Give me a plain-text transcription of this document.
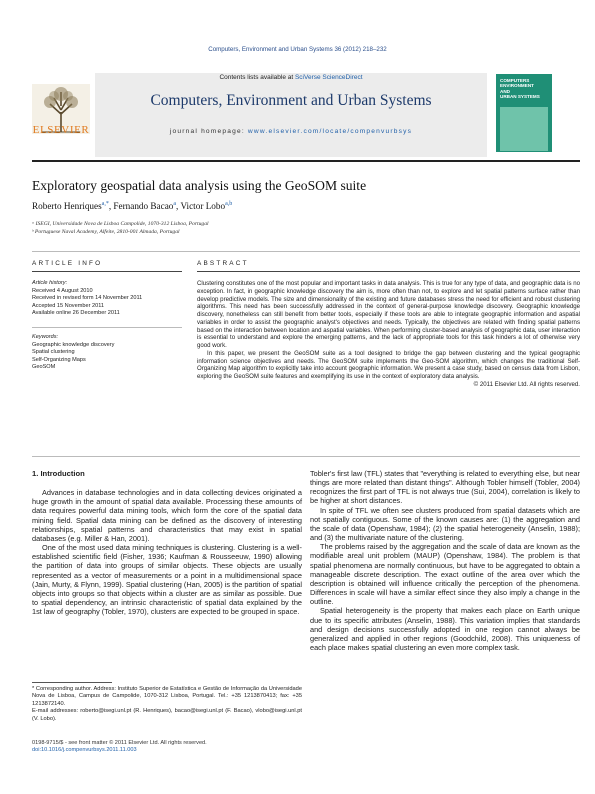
Computers, Environment and Urban Systems 36 (2012) 218–232
Contents lists available at SciVerse ScienceDirect
Computers, Environment and Urban Systems
journal homepage: www.elsevier.com/locate/compenvurbsys
ELSEVIER
COMPUTERS
ENVIRONMENT
AND
URBAN SYSTEMS
Exploratory geospatial data analysis using the GeoSOM suite
Roberto Henriques$^{a,*}$, Fernando Bacao$^a$, Victor Lobo$^{a,b}$
ᵃ ISEGI, Universidade Nova de Lisboa Campolide, 1070-312 Lisboa, Portugal
ᵇ Portuguese Naval Academy, Alfeite, 2810-001 Almada, Portugal
ARTICLE INFO	ABSTRACT
Article history:
Received 4 August 2010
Received in revised form 14 November 2011
Accepted 15 November 2011
Available online 26 December 2011
Keywords:
Geographic knowledge discovery
Spatial clustering
Self-Organizing Maps
GeoSOM

Clustering constitutes one of the most popular and important tasks in data analysis. This is true for any type of data, and geographic data is no exception. In fact, in geographic knowledge discovery the aim is, more often than not, to explore and let spatial patterns surface rather than develop predictive models. The size and dimensionality of the existing and future databases stress the need for efficient and robust clustering algorithms. This need has been successfully addressed in the context of general-purpose knowledge discovery. Geographic knowledge discovery, nonetheless can still benefit from better tools, especially if these tools are able to integrate geographic information and aspatial variables in order to assist the geographic analyst's objectives and needs. Typically, the objectives are related with finding spatial patterns based on the interaction between location and aspatial variables. When performing cluster-based analysis of geographic data, user interaction is essential to understand and explore the emerging patterns, and the lack of appropriate tools for this task hinders a lot of otherwise very good work.

In this paper, we present the GeoSOM suite as a tool designed to bridge the gap between clustering and the typical geographic information science objectives and needs. The GeoSOM suite implements the Geo-SOM algorithm, which changes the traditional Self-Organizing Map algorithm to explicitly take into account geographic information. We present a case study, based on census data from Lisbon, exploring the GeoSOM suite features and exemplifying its use in the context of exploratory data analysis.

© 2011 Elsevier Ltd. All rights reserved.

1. Introduction

Advances in database technologies and in data collecting devices originated a huge growth in the amount of spatial data available. Processing these amounts of data requires powerful data mining tools, which form the core of the spatial data mining field. Spatial data mining can be defined as the discovery of interesting relationships, spatial patterns and characteristics that may exist in spatial databases (e.g. Miller & Han, 2001).

One of the most used data mining techniques is clustering. Clustering is a well-established scientific field (Fisher, 1936; Kaufman & Rousseeuw, 1990) allowing the partition of data into groups of similar objects. These objects are usually represented as a vector of measurements or a point in a multidimensional space (Jain, Murty, & Flynn, 1999). Spatial clustering (Han, 2005) is the partition of spatial objects into groups so that objects within a cluster are as similar as possible. Due to spatial dependency, an intrinsic characteristic of spatial data explained by the 1st law of geography (Tobler, 1970), clusters are expected to be grouped in space.

Tobler's first law (TFL) states that "everything is related to everything else, but near things are more related than distant things". Although Tobler himself (Tobler, 2004) recognizes the first part of TFL is not always true (Sui, 2004), correlation is likely to be higher at short distances.

In spite of TFL we often see clusters produced from spatial datasets which are not spatially contiguous. Some of the known causes are: (1) the aggregation and the scale of data (Openshaw, 1984); (2) the spatial heterogeneity (Anselin, 1988); and (3) the multivariate nature of the clustering.

The problems raised by the aggregation and the scale of data are known as the modifiable areal unit problem (MAUP) (Openshaw, 1984). The problem is that spatial phenomena are normally continuous, but have to be aggregated to obtain a manageable discrete description. The exact outline of the area over which the description is obtained will influence critically the perception of the phenomena. Differences in scale will have a similar effect since they also imply a change in the outline.

Spatial heterogeneity is the property that makes each place on Earth unique due to its specific attributes (Anselin, 1988). This variation implies that standards and design decisions successfully adopted in one region cannot always be generalized and applied in other regions (Goodchild, 2008). This uniqueness of each place makes spatial clustering an even more complex task.

* Corresponding author. Address: Instituto Superior de Estatística e Gestão de Informação da Universidade Nova de Lisboa, Campus de Campolide, 1070-312 Lisboa, Portugal. Tel.: +35 1213870413; fax: +35 1213872140.
E-mail addresses: roberto@isegi.unl.pt (R. Henriques), bacao@isegi.unl.pt (F. Bacao), vlobo@isegi.unl.pt (V. Lobo).
0198-9715/$ - see front matter © 2011 Elsevier Ltd. All rights reserved.
doi:10.1016/j.compenvurbsys.2011.11.003
